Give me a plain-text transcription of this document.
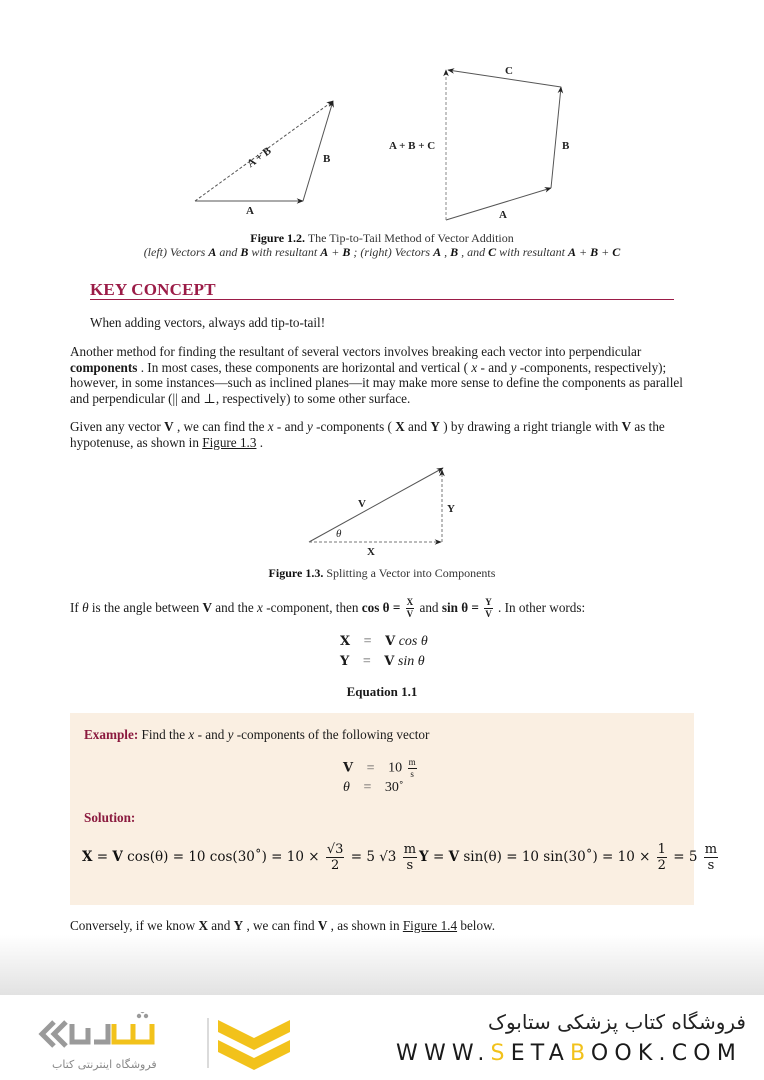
A
B
A + B
A
B
C
A + B + C
Figure 1.2. The Tip-to-Tail Method of Vector Addition
(left) Vectors A and B with resultant A + B ; (right) Vectors A , B , and C with resultant A + B + C
KEY CONCEPT
When adding vectors, always add tip-to-tail!
Another method for finding the resultant of several vectors involves breaking each vector into perpendicular components . In most cases, these components are horizontal and vertical ( x - and y -components, respectively); however, in some instances—such as inclined planes—it may make more sense to define the components as parallel and perpendicular (|| and ⊥, respectively) to some other surface.
Given any vector V , we can find the x - and y -components ( X and Y ) by drawing a right triangle with V as the hypotenuse, as shown in Figure 1.3 .
V	Y
X
θ
Figure 1.3. Splitting a Vector into Components
If θ is the angle between V and the x -component, then $\cos \theta = \frac{X}{V}$ and $\sin \theta = \frac{Y}{V}$ . In other words:
X = V cos θ
Y = V sin θ
Equation 1.1
Example: Find the x - and y -components of the following vector
$V = 10 \frac{m}{s}$
θ = 30˚
Solution:
X = V cos(θ) = 10 cos(30˚) = $10 \times \frac{√3}{2} = 5$ $√3 \frac{m}{s}$ Y = V sin(θ) = 10 sin(30˚) = $10 \times \frac{1}{2} = 5 \frac{m}{s}$
Conversely, if we know X and Y , we can find V , as shown in Figure 1.4 below.
فروشگاه اینترنتی کتاب
فروشگاه کتاب پزشکی ستابوک
WWW.SETABOOK.COM
